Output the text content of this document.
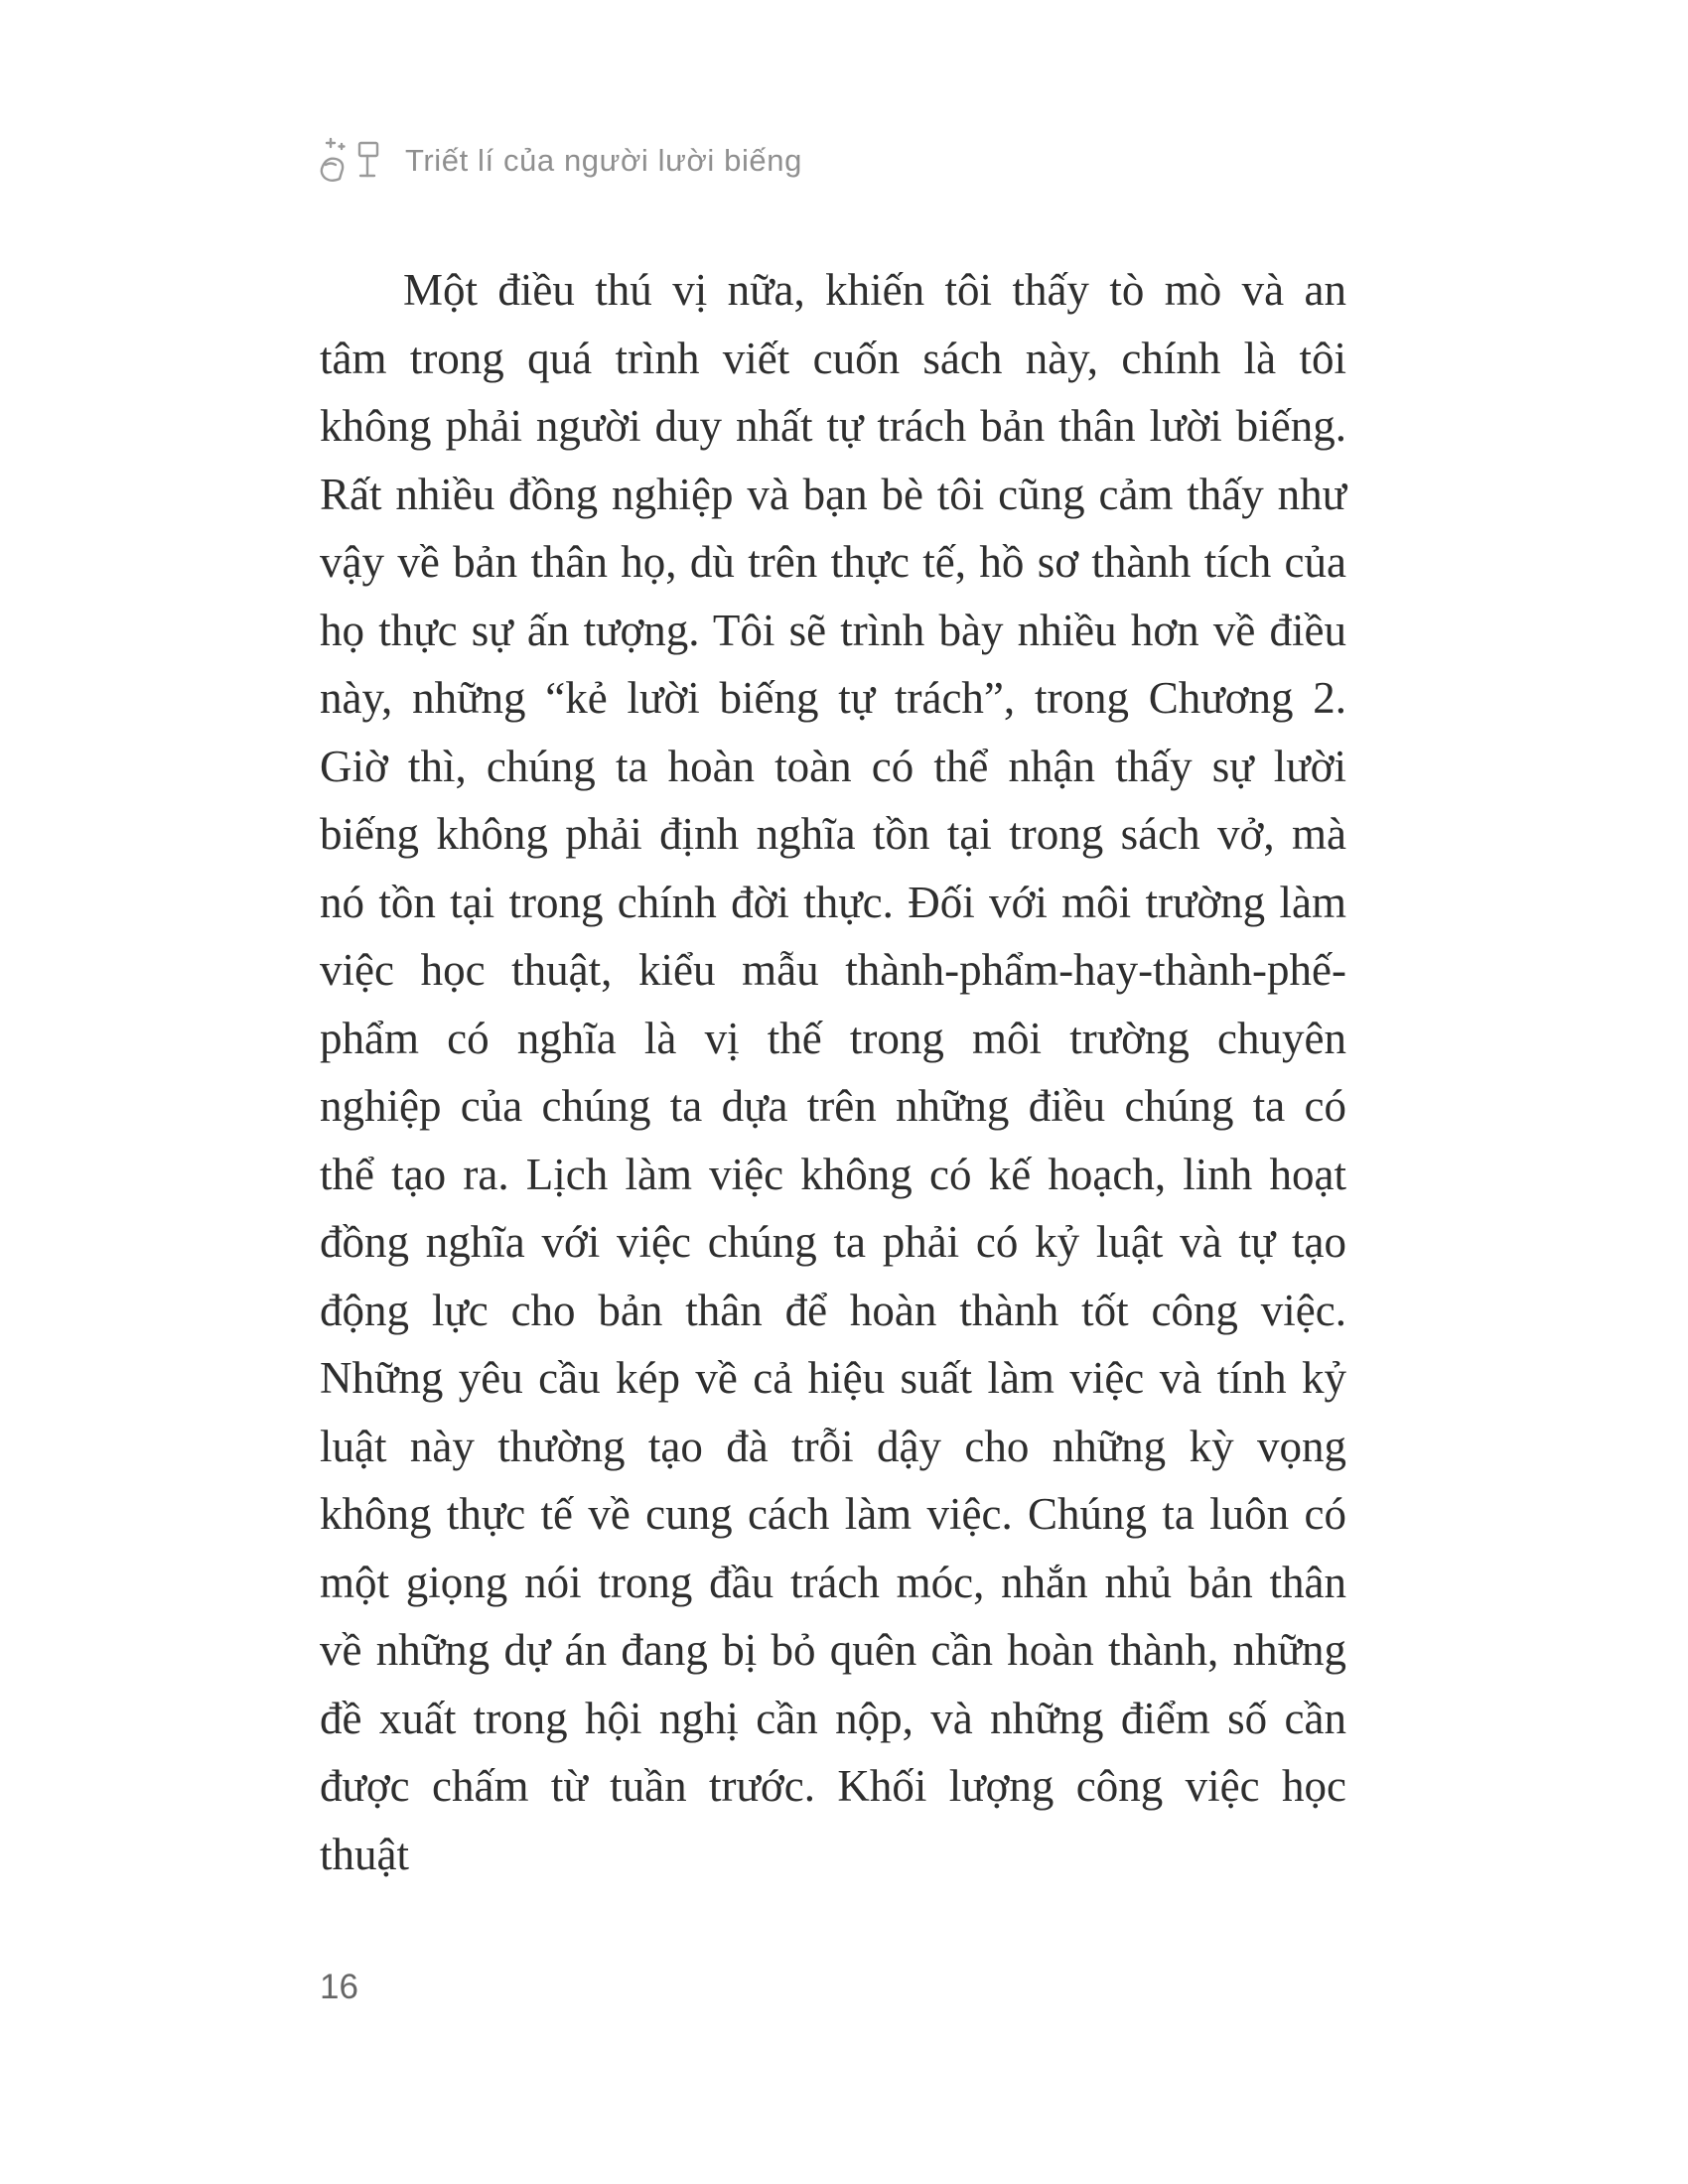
Triết lí của người lười biếng

Một điều thú vị nữa, khiến tôi thấy tò mò và an tâm trong quá trình viết cuốn sách này, chính là tôi không phải người duy nhất tự trách bản thân lười biếng. Rất nhiều đồng nghiệp và bạn bè tôi cũng cảm thấy như vậy về bản thân họ, dù trên thực tế, hồ sơ thành tích của họ thực sự ấn tượng. Tôi sẽ trình bày nhiều hơn về điều này, những “kẻ lười biếng tự trách”, trong Chương 2. Giờ thì, chúng ta hoàn toàn có thể nhận thấy sự lười biếng không phải định nghĩa tồn tại trong sách vở, mà nó tồn tại trong chính đời thực. Đối với môi trường làm việc học thuật, kiểu mẫu thành-phẩm-hay-thành-phế-phẩm có nghĩa là vị thế trong môi trường chuyên nghiệp của chúng ta dựa trên những điều chúng ta có thể tạo ra. Lịch làm việc không có kế hoạch, linh hoạt đồng nghĩa với việc chúng ta phải có kỷ luật và tự tạo động lực cho bản thân để hoàn thành tốt công việc. Những yêu cầu kép về cả hiệu suất làm việc và tính kỷ luật này thường tạo đà trỗi dậy cho những kỳ vọng không thực tế về cung cách làm việc. Chúng ta luôn có một giọng nói trong đầu trách móc, nhắn nhủ bản thân về những dự án đang bị bỏ quên cần hoàn thành, những đề xuất trong hội nghị cần nộp, và những điểm số cần được chấm từ tuần trước. Khối lượng công việc học thuật

16
